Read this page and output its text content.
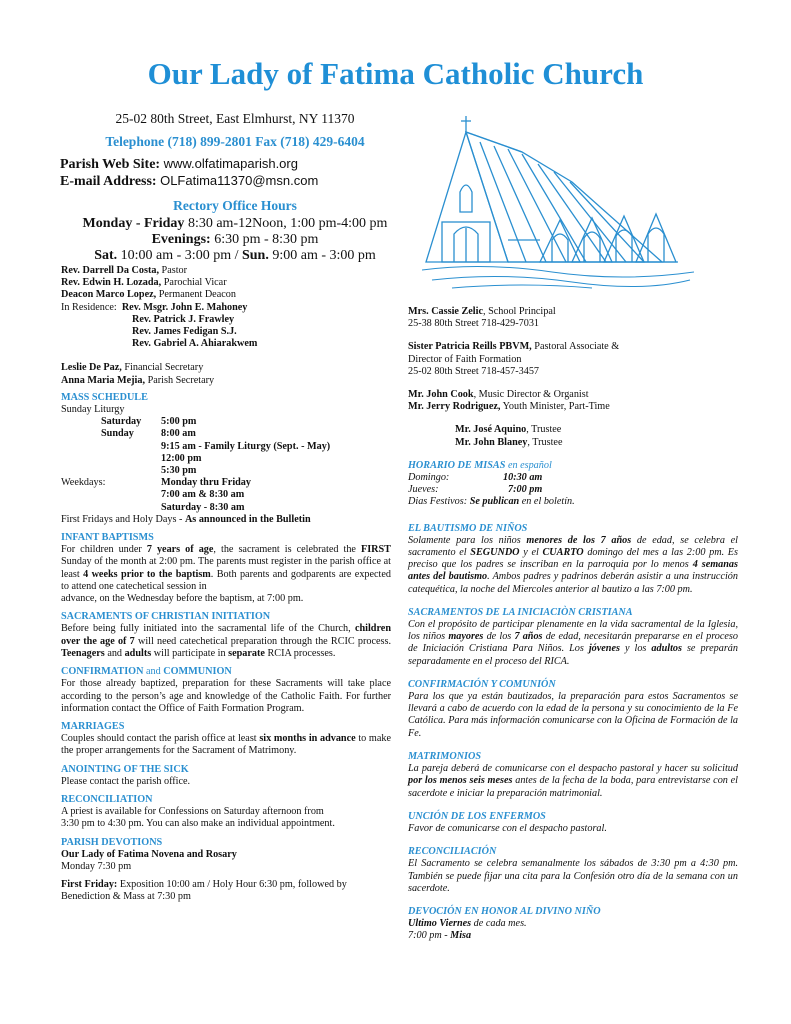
Our Lady of Fatima Catholic Church
25-02 80th Street, East Elmhurst, NY 11370
Telephone (718) 899-2801 Fax (718) 429-6404
Parish Web Site: www.olfatimaparish.org
E-mail Address: OLFatima11370@msn.com
Rectory Office Hours
Monday - Friday 8:30 am-12Noon, 1:00 pm-4:00 pm
Evenings: 6:30 pm - 8:30 pm
Sat. 10:00 am - 3:00 pm / Sun. 9:00 am - 3:00 pm
Rev. Darrell Da Costa, Pastor
Rev. Edwin H. Lozada, Parochial Vicar
Deacon Marco Lopez, Permanent Deacon
In Residence: Rev. Msgr. John E. Mahoney
Rev. Patrick J. Frawley
Rev. James Fedigan S.J.
Rev. Gabriel A. Ahiarakwem
Leslie De Paz, Financial Secretary
Anna Maria Mejia, Parish Secretary
MASS SCHEDULE
Sunday Liturgy
	Saturday	5:00 pm
	Sunday	8:00 am
		9:15 am - Family Liturgy (Sept. - May)
		12:00 pm
		5:30 pm
Weekdays:		Monday thru Friday
		7:00 am & 8:30 am
		Saturday - 8:30 am
First Fridays and Holy Days - As announced in the Bulletin
INFANT BAPTISMS

For children under 7 years of age, the sacrament is celebrated the FIRST Sunday of the month at 2:00 pm. The parents must register in the parish office at least 4 weeks prior to the baptism. Both parents and godparents are expected to attend one catechetical session in

advance, on the Wednesday before the baptism, at 7:00 pm.

SACRAMENTS OF CHRISTIAN INITIATION

Before being fully initiated into the sacramental life of the Church, children over the age of 7 will need catechetical preparation through the RCIC process. Teenagers and adults will participate in separate RCIA processes.

CONFIRMATION and COMMUNION

For those already baptized, preparation for these Sacraments will take place according to the person’s age and knowledge of the Catholic Faith. For further information contact the Office of Faith Formation Program.

MARRIAGES

Couples should contact the parish office at least six months in advance to make the proper arrangements for the Sacrament of Matrimony.

ANOINTING OF THE SICK

Please contact the parish office.

RECONCILIATION

A priest is available for Confessions on Saturday afternoon from

3:30 pm to 4:30 pm. You can also make an individual appointment.

PARISH DEVOTIONS

Our Lady of Fatima Novena and Rosary

Monday 7:30 pm

First Friday: Exposition 10:00 am / Holy Hour 6:30 pm, followed by Benediction & Mass at 7:30 pm

Mrs. Cassie Zelic, School Principal
25-38 80th Street 718-429-7031
Sister Patricia Reills PBVM, Pastoral Associate &
Director of Faith Formation
25-02 80th Street 718-457-3457
Mr. John Cook, Music Director & Organist
Mr. Jerry Rodriguez, Youth Minister, Part-Time
Mr. José Aquino, Trustee
Mr. John Blaney, Trustee
HORARIO DE MISAS en español
Domingo:	10:30 am
Jueves:	7:00 pm
Dias Festivos: Se publican en el boletín.
EL BAUTISMO DE NIÑOS

Solamente para los niños menores de los 7 años de edad, se celebra el sacramento el SEGUNDO y el CUARTO domingo del mes a las 2:00 pm. Es preciso que los padres se inscriban en la parroquia por lo menos 4 semanas antes del bautismo. Ambos padres y padrinos deberán asistir a una instrucción catequética, la noche del Miercoles anterior al bautizo a las 7:00 pm.

SACRAMENTOS DE LA INICIACIÒN CRISTIANA

Con el propósito de participar plenamente en la vida sacramental de la Iglesia, los niños mayores de los 7 años de edad, necesitarán prepararse en el proceso de Iniciación Cristiana Para Niños. Los jóvenes y los adultos se preparán separadamente en el proceso del RICA.

CONFIRMACIÓN Y COMUNIÓN

Para los que ya están bautizados, la preparación para estos Sacramentos se llevará a cabo de acuerdo con la edad de la persona y su conocimiento de la Fe Católica. Para más información comunicarse con la Oficina de Formación de la Fe.

MATRIMONIOS

La pareja deberá de comunicarse con el despacho pastoral y hacer su solicitud por los menos seis meses antes de la fecha de la boda, para entrevistarse con el sacerdote e iniciar la preparación matrimonial.

UNCIÓN DE LOS ENFERMOS

Favor de comunicarse con el despacho pastoral.

RECONCILIACIÓN

El Sacramento se celebra semanalmente los sábados de 3:30 pm a 4:30 pm. También se puede fijar una cita para la Confesión otro día de la semana con un sacerdote.

DEVOCIÓN EN HONOR AL DIVINO NIÑO

Ultimo Viernes de cada mes.

7:00 pm - Misa
